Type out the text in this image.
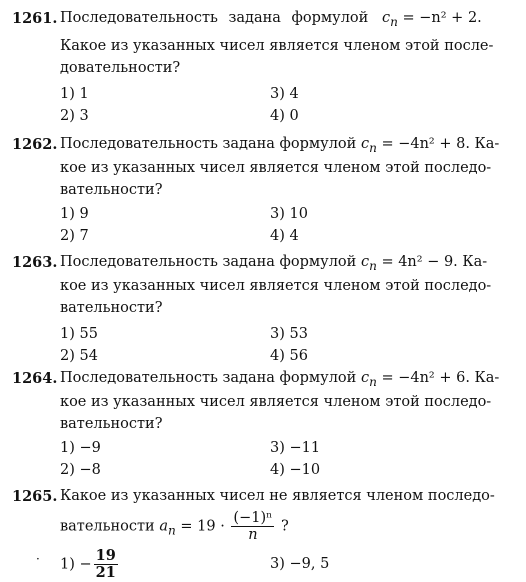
1261. Последовательность задана формулой $c_n = -n^2 + 2$.
Какое из указанных чисел является членом этой после-
довательности?
1) 1	3) 4
2) 3	4) 0
1262. Последовательность задана формулой $c_n = -4n^2 + 8$. Ка-
кое из указанных чисел является членом этой последо-
вательности?
1) 9	3) 10
2) 7	4) 4
1263. Последовательность задана формулой $c_n = 4n^2 - 9$. Ка-
кое из указанных чисел является членом этой последо-
вательности?
1) 55	3) 53
2) 54	4) 56
1264. Последовательность задана формулой $c_n = -4n^2 + 6$. Ка-
кое из указанных чисел является членом этой последо-
вательности?
1) −9	3) −11
2) −8	4) −10
1265. Какое из указанных чисел не является членом последо-
вательности $a_n = 19 \cdot \frac{\text{(−1)ⁿ}}{n}$ ?
$1) - \frac{19}{21}$	3) −9, 5
·
